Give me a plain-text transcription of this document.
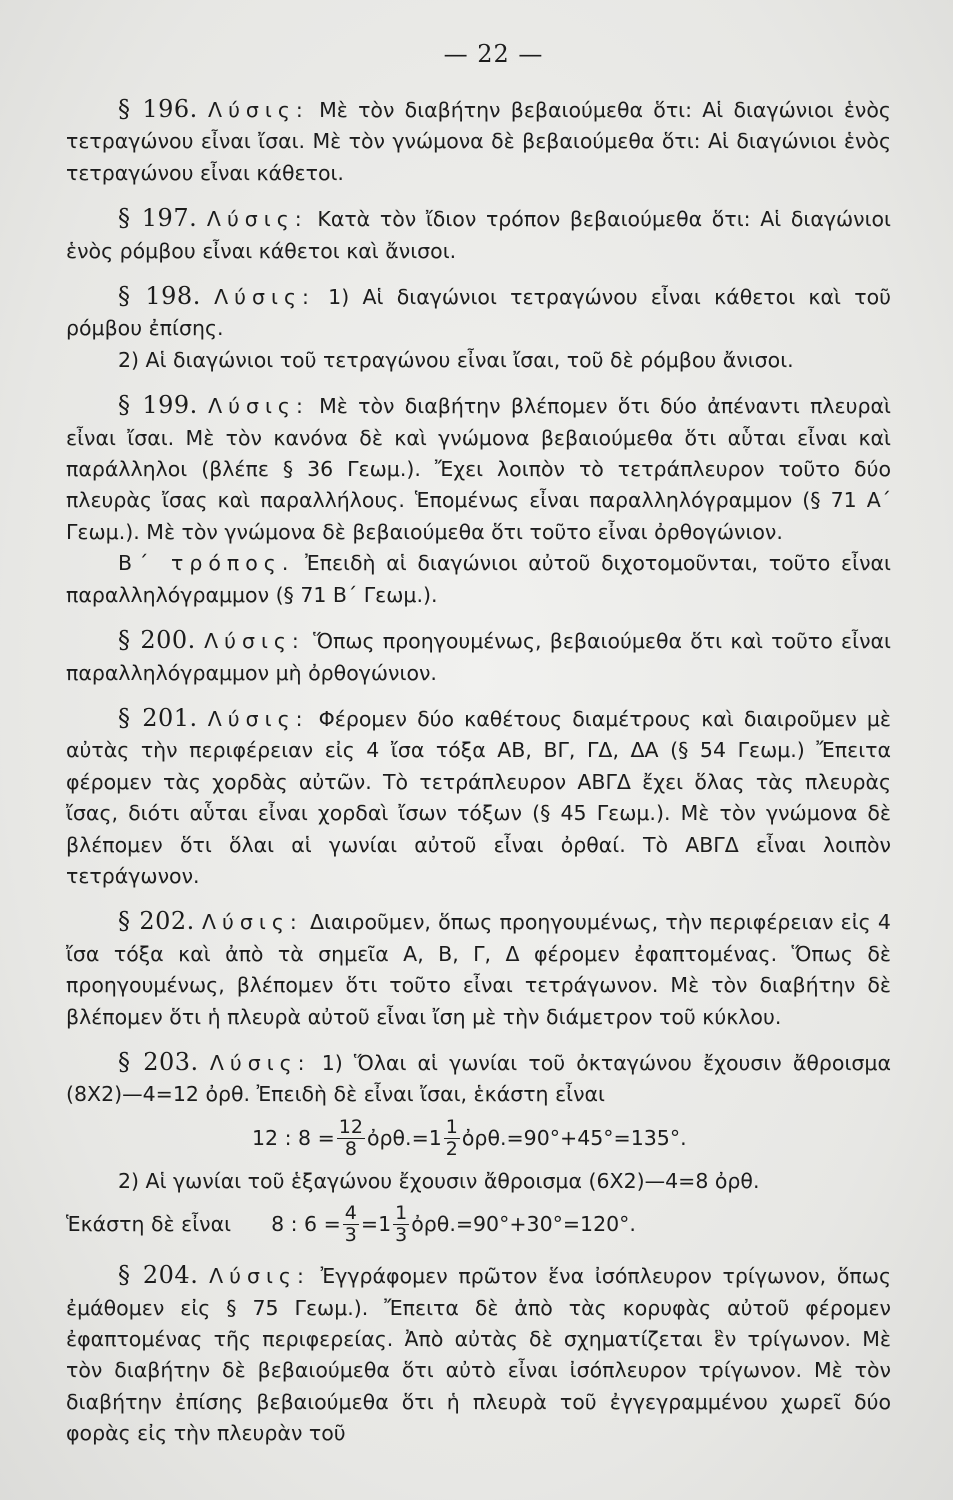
— 22 —

§ 196. Λύσις: Μὲ τὸν διαβήτην βεβαιούμεθα ὅτι: Αἱ διαγώνιοι ἑνὸς τετραγώνου εἶναι ἴσαι. Μὲ τὸν γνώμονα δὲ βεβαιούμεθα ὅτι: Αἱ διαγώνιοι ἑνὸς τετραγώνου εἶναι κάθετοι.

§ 197. Λύσις: Κατὰ τὸν ἴδιον τρόπον βεβαιούμεθα ὅτι: Αἱ διαγώνιοι ἑνὸς ρόμβου εἶναι κάθετοι καὶ ἄνισοι.

§ 198. Λύσις: 1) Αἱ διαγώνιοι τετραγώνου εἶναι κάθετοι καὶ τοῦ ρόμβου ἐπίσης.

2) Αἱ διαγώνιοι τοῦ τετραγώνου εἶναι ἴσαι, τοῦ δὲ ρόμβου ἄνισοι.

§ 199. Λύσις: Μὲ τὸν διαβήτην βλέπομεν ὅτι δύο ἀπέναντι πλευραὶ εἶναι ἴσαι. Μὲ τὸν κανόνα δὲ καὶ γνώμονα βεβαιούμεθα ὅτι αὗται εἶναι καὶ παράλληλοι (βλέπε § 36 Γεωμ.). Ἔχει λοιπὸν τὸ τετράπλευρον τοῦτο δύο πλευρὰς ἴσας καὶ παραλλήλους. Ἑπομένως εἶναι παραλληλόγραμμον (§ 71 Α΄ Γεωμ.). Μὲ τὸν γνώμονα δὲ βεβαιούμεθα ὅτι τοῦτο εἶναι ὀρθογώνιον.

Β΄ τρόπος. Ἐπειδὴ αἱ διαγώνιοι αὐτοῦ διχοτομοῦνται, τοῦτο εἶναι παραλληλόγραμμον (§ 71 Β΄ Γεωμ.).

§ 200. Λύσις: Ὅπως προηγουμένως, βεβαιούμεθα ὅτι καὶ τοῦτο εἶναι παραλληλόγραμμον μὴ ὀρθογώνιον.

§ 201. Λύσις: Φέρομεν δύο καθέτους διαμέτρους καὶ διαιροῦμεν μὲ αὐτὰς τὴν περιφέρειαν εἰς 4 ἴσα τόξα ΑΒ, ΒΓ, ΓΔ, ΔΑ (§ 54 Γεωμ.) Ἔπειτα φέρομεν τὰς χορδὰς αὐτῶν. Τὸ τετράπλευρον ΑΒΓΔ ἔχει ὅλας τὰς πλευρὰς ἴσας, διότι αὗται εἶναι χορδαὶ ἴσων τόξων (§ 45 Γεωμ.). Μὲ τὸν γνώμονα δὲ βλέπομεν ὅτι ὅλαι αἱ γωνίαι αὐτοῦ εἶναι ὀρθαί. Τὸ ΑΒΓΔ εἶναι λοιπὸν τετράγωνον.

§ 202. Λύσις: Διαιροῦμεν, ὅπως προηγουμένως, τὴν περιφέρειαν εἰς 4 ἴσα τόξα καὶ ἀπὸ τὰ σημεῖα Α, Β, Γ, Δ φέρομεν ἐφαπτομένας. Ὅπως δὲ προηγουμένως, βλέπομεν ὅτι τοῦτο εἶναι τετράγωνον. Μὲ τὸν διαβήτην δὲ βλέπομεν ὅτι ἡ πλευρὰ αὐτοῦ εἶναι ἴση μὲ τὴν διάμετρον τοῦ κύκλου.

§ 203. Λύσις: 1) Ὅλαι αἱ γωνίαι τοῦ ὀκταγώνου ἔχουσιν ἄθροισμα (8Χ2)—4=12 ὀρθ. Ἐπειδὴ δὲ εἶναι ἴσαι, ἑκάστη εἶναι

12 : $8 = \frac{12}{8}$ ὀρθ.=1 $\frac{1}{2}$ ὀρθ.=90°+45°=135°.

2) Αἱ γωνίαι τοῦ ἑξαγώνου ἔχουσιν ἄθροισμα (6Χ2)—4=8 ὀρθ.

Ἑκάστη δὲ εἶναι 8 : $6 = \frac{4}{3} =1 \frac{1}{3}$ ὀρθ.=90°+30°=120°.

§ 204. Λύσις: Ἐγγράφομεν πρῶτον ἕνα ἰσόπλευρον τρίγωνον, ὅπως ἐμάθομεν εἰς § 75 Γεωμ.). Ἔπειτα δὲ ἀπὸ τὰς κορυφὰς αὐτοῦ φέρομεν ἐφαπτομένας τῆς περιφερείας. Ἀπὸ αὐτὰς δὲ σχηματίζεται ἓν τρίγωνον. Μὲ τὸν διαβήτην δὲ βεβαιούμεθα ὅτι αὐτὸ εἶναι ἰσόπλευρον τρίγωνον. Μὲ τὸν διαβήτην ἐπίσης βεβαιούμεθα ὅτι ἡ πλευρὰ τοῦ ἐγγεγραμμένου χωρεῖ δύο φορὰς εἰς τὴν πλευρὰν τοῦ
